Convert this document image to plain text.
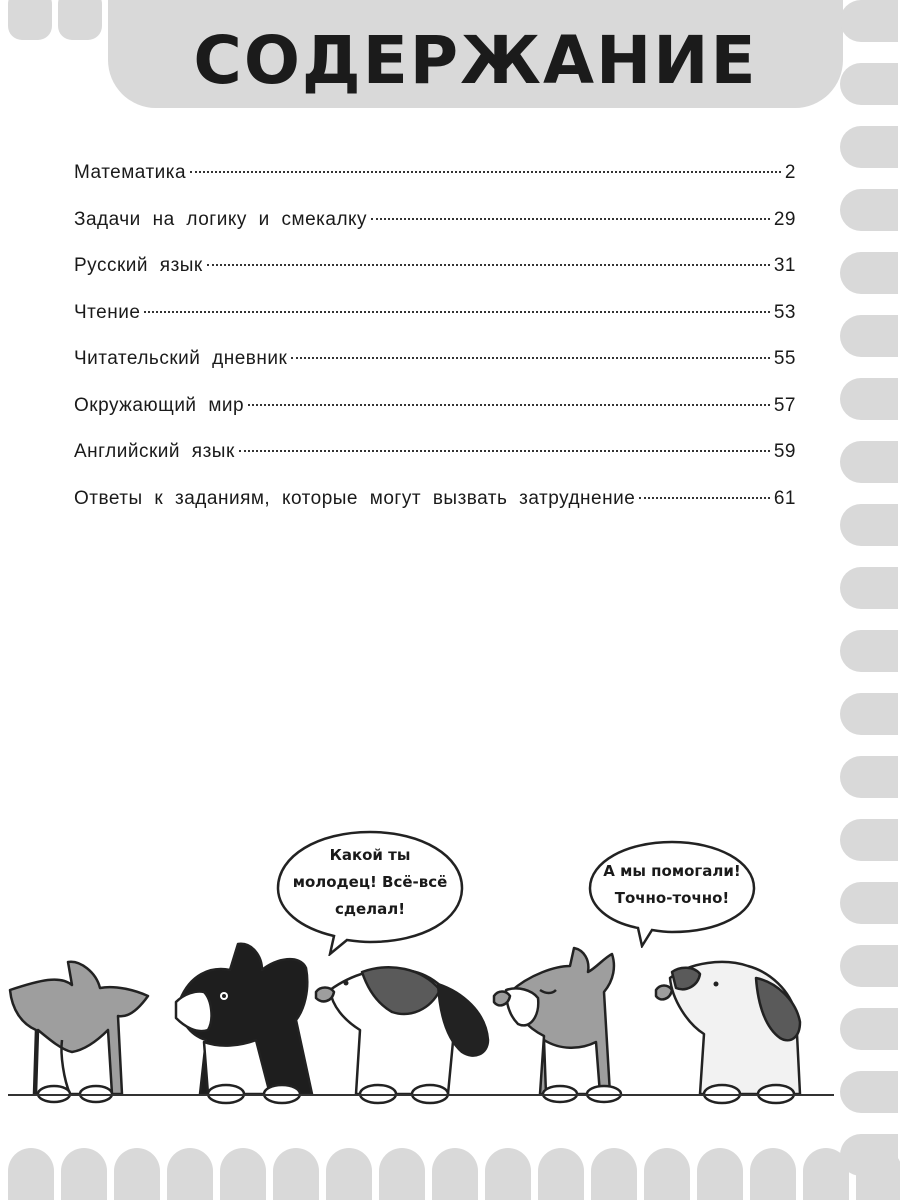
СОДЕРЖАНИЕ
Математика	2
Задачи на логику и смекалку	29
Русский язык	31
Чтение	53
Читательский дневник	55
Окружающий мир	57
Английский язык	59
Ответы к заданиям, которые могут вызвать затруднение	61
Какой ты
молодец! Всё-всё
сделал!
А мы помогали!
Точно-точно!
